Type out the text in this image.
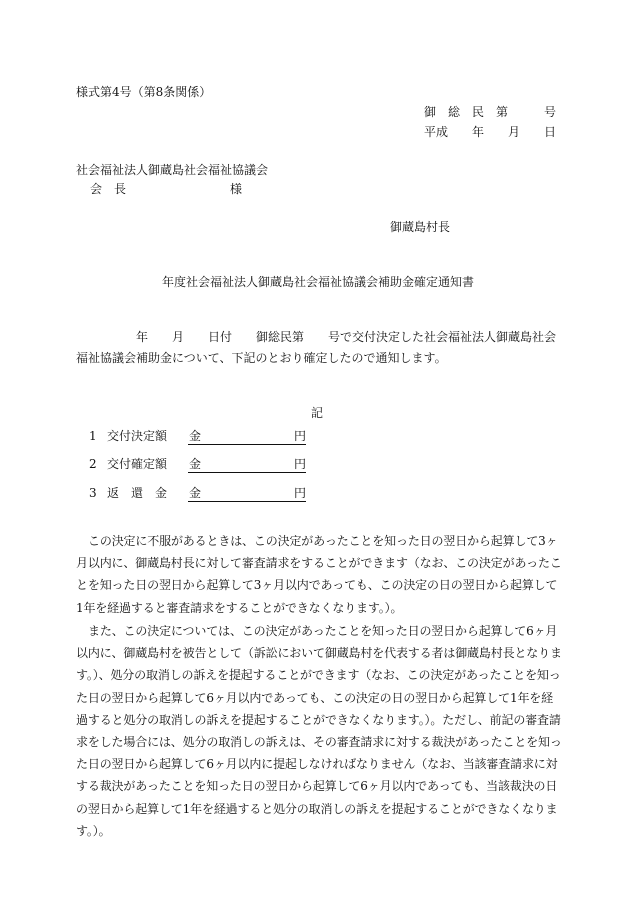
様式第4号（第8条関係）
御　総　民　第　　　号
平成　　年　　月　　日
社会福祉法人御蔵島社会福祉協議会
会　長	様
御蔵島村長
年度社会福祉法人御蔵島社会福祉協議会補助金確定通知書
年　　月　　日付　　御総民第　　号で交付決定した社会福祉法人御蔵島社会
福祉協議会補助金について、下記のとおり確定したので通知します。
記
1 交付決定額 金	円
2 交付確定額 金	円
3 返　還　金 金	円
この決定に不服があるときは、この決定があったことを知った日の翌日から起算して3ヶ月以内に、御蔵島村長に対して審査請求をすることができます（なお、この決定があったことを知った日の翌日から起算して3ヶ月以内であっても、この決定の日の翌日から起算して1年を経過すると審査請求をすることができなくなります。）。
また、この決定については、この決定があったことを知った日の翌日から起算して6ヶ月以内に、御蔵島村を被告として（訴訟において御蔵島村を代表する者は御蔵島村長となります。）、処分の取消しの訴えを提起することができます（なお、この決定があったことを知った日の翌日から起算して6ヶ月以内であっても、この決定の日の翌日から起算して1年を経過すると処分の取消しの訴えを提起することができなくなります。）。ただし、前記の審査請求をした場合には、処分の取消しの訴えは、その審査請求に対する裁決があったことを知った日の翌日から起算して6ヶ月以内に提起しなければなりません（なお、当該審査請求に対する裁決があったことを知った日の翌日から起算して6ヶ月以内であっても、当該裁決の日の翌日から起算して1年を経過すると処分の取消しの訴えを提起することができなくなります。）。
